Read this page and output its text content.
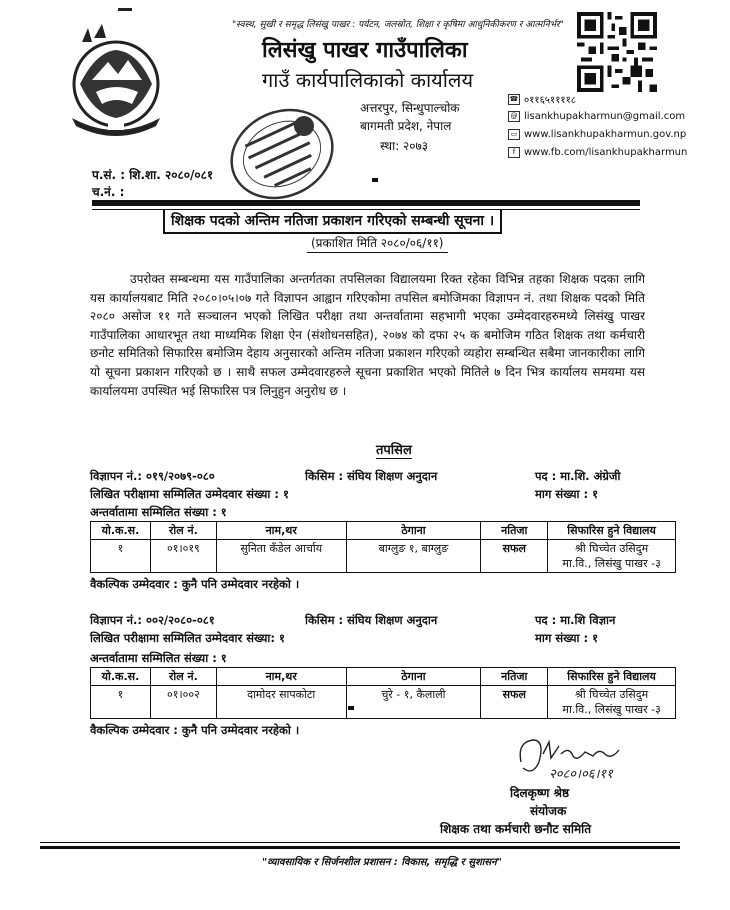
"स्वस्थ, सुखी र समृद्ध लिसंखु पाखर : पर्यटन, जलस्रोत, शिक्षा र कृषिमा आधुनिकीकरण र आत्मनिर्भर"
लिसंखु पाखर गाउँपालिका
गाउँ कार्यपालिकाको कार्यालय
अत्तरपुर, सिन्धुपाल्चोक
बागमती प्रदेश, नेपाल
स्था: २०७३
☎ ०११६५११११८
@ lisankhupakharmun@gmail.com
▭ www.lisankhupakharmun.gov.np
f www.fb.com/lisankhupakharmun
प.सं. : शि.शा. २०८०/०८१
च.नं. :
शिक्षक पदको अन्तिम नतिजा प्रकाशन गरिएको सम्बन्धी सूचना ।
(प्रकाशित मिति २०८०/०६/११)
उपरोक्त सम्बन्धमा यस गाउँपालिका अन्तर्गतका तपसिलका विद्यालयमा रिक्त रहेका विभिन्न तहका शिक्षक पदका लागि यस कार्यालयबाट मिति २०८०।०५।०७ गते विज्ञापन आह्वान गरिएकोमा तपसिल बमोजिमका विज्ञापन नं. तथा शिक्षक पदको मिति २०८० असोज ११ गते सञ्चालन भएको लिखित परीक्षा तथा अन्तर्वातामा सहभागी भएका उम्मेदवारहरुमध्ये लिसंखु पाखर गाउँपालिका आधारभूत तथा माध्यमिक शिक्षा ऐन (संशोधनसहित), २०७४ को दफा २५ क बमोजिम गठित शिक्षक तथा कर्मचारी छनोट समितिको सिफारिस बमोजिम देहाय अनुसारको अन्तिम नतिजा प्रकाशन गरिएको व्यहोरा सम्बन्धित सबैमा जानकारीका लागि यो सूचना प्रकाशन गरिएको छ । साथै सफल उम्मेदवारहरुले सूचना प्रकाशित भएको मितिले ७ दिन भित्र कार्यालय समयमा यस कार्यालयमा उपस्थित भई सिफारिस पत्र लिनुहुन अनुरोध छ ।
तपसिल
विज्ञापन नं.: ०१९/२०७९-०८०	किसिम : संघिय शिक्षण अनुदान	पद : मा.शि. अंग्रेजी
लिखित परीक्षामा सम्मिलित उम्मेदवार संख्या : १	माग संख्या : १
अन्तर्वातामा सम्मिलित संख्या : १
यो.क.स.	रोल नं.	नाम,थर	ठेगाना	नतिजा	सिफारिस हुने विद्यालय
१	०१।०१९	सुनिता कँडेल आर्चाय	बाग्लुङ १, बाग्लुङ	सफल	श्री घिच्चेत उसिदुम
मा.वि., लिसंखु पाखर -३
वैकल्पिक उम्मेदवार : कुनै पनि उम्मेदवार नरहेको ।
विज्ञापन नं.: ००२/२०८०-०८१	किसिम : संघिय शिक्षण अनुदान	पद : मा.शि विज्ञान
लिखित परीक्षामा सम्मिलित उम्मेदवार संख्या: १	माग संख्या : १
अन्तर्वातामा सम्मिलित संख्या : १
यो.क.स.	रोल नं.	नाम,थर	ठेगाना	नतिजा	सिफारिस हुने विद्यालय
१	०१।००२	दामोदर सापकोटा	चुरे - १, कैलाली	सफल	श्री घिच्चेत उसिदुम
मा.वि., लिसंखु पाखर -३
वैकल्पिक उम्मेदवार : कुनै पनि उम्मेदवार नरहेको ।
२०८०।०६।११
दिलकृष्ण श्रेष्ठ
संयोजक
शिक्षक तथा कर्मचारी छनौट समिति
"व्यावसायिक र सिर्जनशील प्रशासन : विकास, समृद्धि र सुशासन"
